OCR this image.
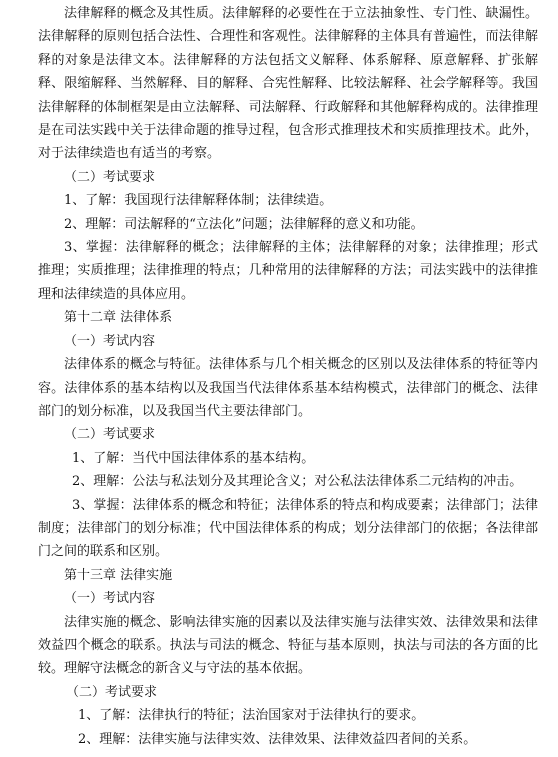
法律解释的概念及其性质。法律解释的必要性在于立法抽象性、专门性、缺漏性。法律解释的原则包括合法性、合理性和客观性。法律解释的主体具有普遍性，而法律解释的对象是法律文本。法律解释的方法包括文义解释、体系解释、原意解释、扩张解释、限缩解释、当然解释、目的解释、合宪性解释、比较法解释、社会学解释等。我国法律解释的体制框架是由立法解释、司法解释、行政解释和其他解释构成的。法律推理是在司法实践中关于法律命题的推导过程，包含形式推理技术和实质推理技术。此外，对于法律续造也有适当的考察。

（二）考试要求

1、了解：我国现行法律解释体制；法律续造。

2、理解：司法解释的“立法化”问题；法律解释的意义和功能。

3、掌握：法律解释的概念；法律解释的主体；法律解释的对象；法律推理；形式推理；实质推理；法律推理的特点；几种常用的法律解释的方法；司法实践中的法律推理和法律续造的具体应用。

第十二章 法律体系

（一）考试内容

法律体系的概念与特征。法律体系与几个相关概念的区别以及法律体系的特征等内容。法律体系的基本结构以及我国当代法律体系基本结构模式，法律部门的概念、法律部门的划分标准，以及我国当代主要法律部门。

（二）考试要求

1、了解：当代中国法律体系的基本结构。

2、理解：公法与私法划分及其理论含义；对公私法法律体系二元结构的冲击。

3、掌握：法律体系的概念和特征；法律体系的特点和构成要素；法律部门；法律制度；法律部门的划分标准；代中国法律体系的构成；划分法律部门的依据；各法律部门之间的联系和区别。

第十三章 法律实施

（一）考试内容

法律实施的概念、影响法律实施的因素以及法律实施与法律实效、法律效果和法律效益四个概念的联系。执法与司法的概念、特征与基本原则，执法与司法的各方面的比较。理解守法概念的新含义与守法的基本依据。

（二）考试要求

1、了解：法律执行的特征；法治国家对于法律执行的要求。

2、理解：法律实施与法律实效、法律效果、法律效益四者间的关系。
